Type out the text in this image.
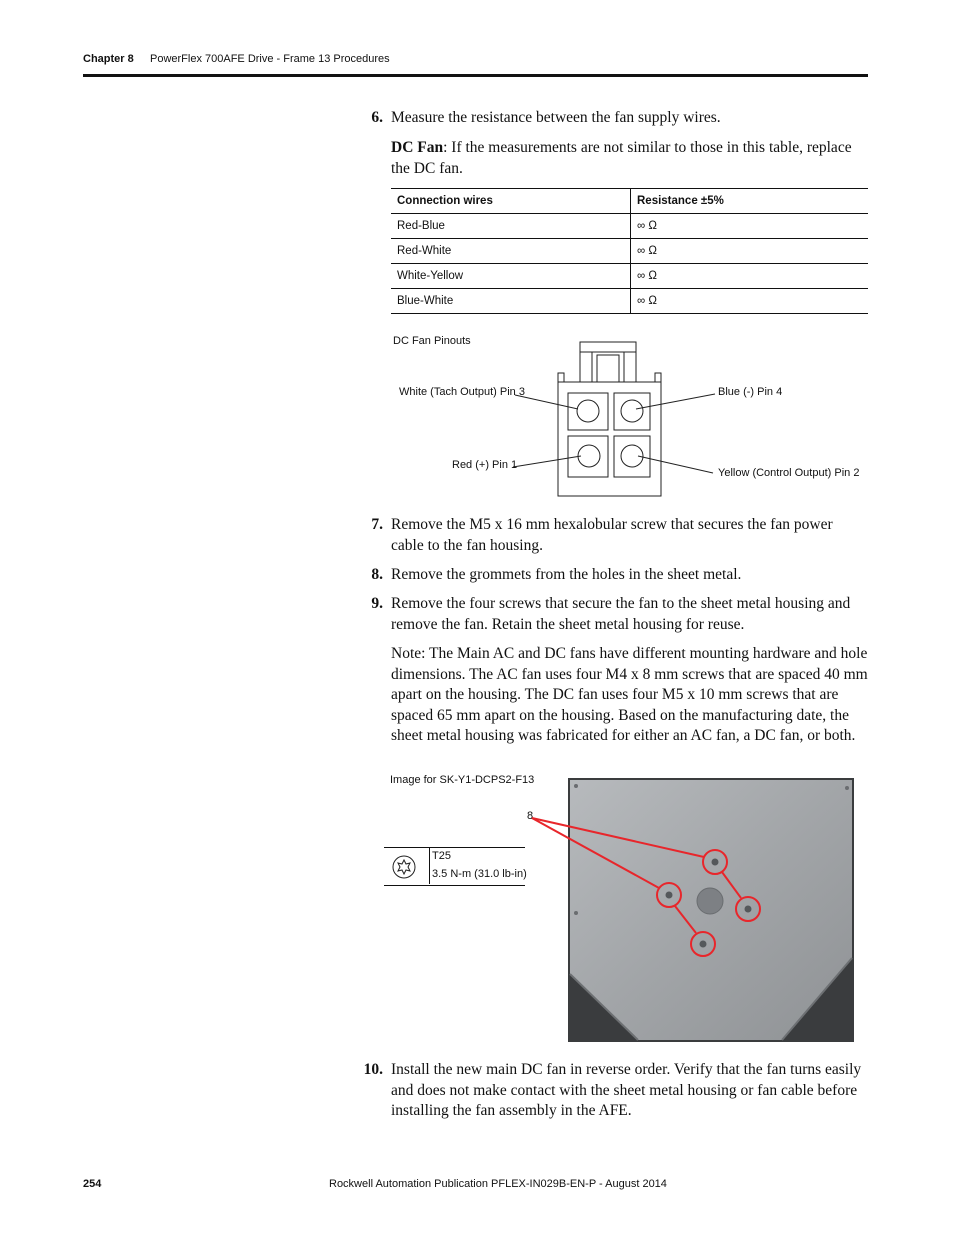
Chapter 8 PowerFlex 700AFE Drive - Frame 13 Procedures
6. Measure the resistance between the fan supply wires.
DC Fan: If the measurements are not similar to those in this table, replace the DC fan.
Connection wires	Resistance ±5%
Red-Blue	∞ Ω
Red-White	∞ Ω
White-Yellow	∞ Ω
Blue-White	∞ Ω
DC Fan Pinouts
White (Tach Output) Pin 3	Blue (-) Pin 4
Red (+) Pin 1
Yellow (Control Output) Pin 2
7. Remove the M5 x 16 mm hexalobular screw that secures the fan power cable to the fan housing.
8. Remove the grommets from the holes in the sheet metal.
9. Remove the four screws that secure the fan to the sheet metal housing and remove the fan. Retain the sheet metal housing for reuse.
Note: The Main AC and DC fans have different mounting hardware and hole dimensions. The AC fan uses four M4 x 8 mm screws that are spaced 40 mm apart on the housing. The DC fan uses four M5 x 10 mm screws that are spaced 65 mm apart on the housing. Based on the manufacturing date, the sheet metal housing was fabricated for either an AC fan, a DC fan, or both.
Image for SK-Y1-DCPS2-F13
T25
3.5 N-m (31.0 lb-in)
8
10. Install the new main DC fan in reverse order. Verify that the fan turns easily and does not make contact with the sheet metal housing or fan cable before installing the fan assembly in the AFE.
254	Rockwell Automation Publication PFLEX-IN029B-EN-P - August 2014
